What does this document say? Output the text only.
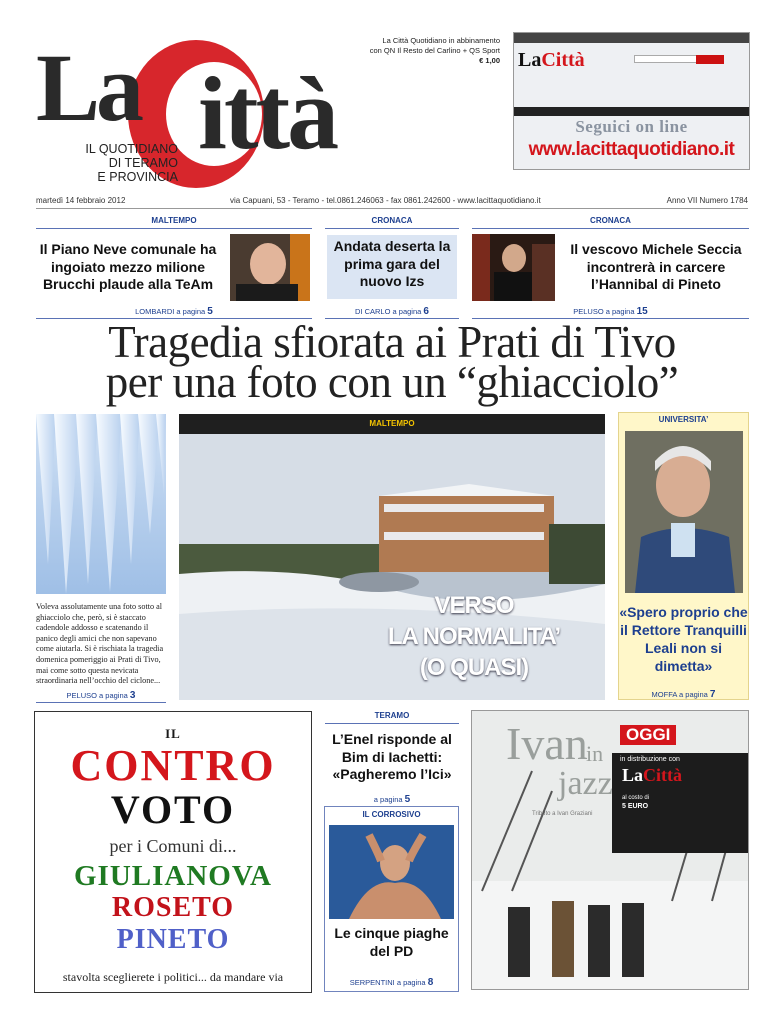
La ittà
IL QUOTIDIANO
DI TERAMO
E PROVINCIA
La Città Quotidiano in abbinamento
con QN Il Resto del Carlino + QS Sport
€ 1,00 LaCittà
Seguici on line
www.lacittaquotidiano.it
martedì 14 febbraio 2012	via Capuani, 53 - Teramo - tel.0861.246063 - fax 0861.242600 - www.lacittaquotidiano.it	Anno VII Numero 1784
MALTEMPO
Il Piano Neve comunale ha ingoiato mezzo milione Brucchi plaude alla TeAm
LOMBARDI a pagina 5
CRONACA
Andata deserta la prima gara del nuovo Izs
DI CARLO a pagina 6
CRONACA
Il vescovo Michele Seccia incontrerà in carcere l’Hannibal di Pineto
PELUSO a pagina 15
Tragedia sfiorata ai Prati di Tivo
per una foto con un “ghiacciolo”
Voleva assolutamente una foto sotto al ghiacciolo che, però, si è staccato cadendole addosso e scatenando il panico degli amici che non sapevano come aiutarla. Si è rischiata la tragedia domenica pomeriggio ai Prati di Tivo, mai come sotto questa nevicata straordinaria nell’occhio del ciclone...
PELUSO a pagina 3
MALTEMPO
VERSO
LA NORMALITA’
(O QUASI)
UNIVERSITA’
«Spero proprio che il Rettore Tranquilli Leali non si dimetta»
MOFFA a pagina 7
IL
CONTRO
VOTO
per i Comuni di...
GIULIANOVA
ROSETO
PINETO
stavolta sceglierete i politici... da mandare via
TERAMO
L’Enel risponde al Bim di Iachetti: «Pagheremo l’Ici»
a pagina 5
IL CORROSIVO
Le cinque piaghe del PD
SERPENTINI a pagina 8
Ivan
in
jazz
Tributo a Ivan Graziani
OGGI
in distribuzione con
LaCittà
al costo di
5 EURO
